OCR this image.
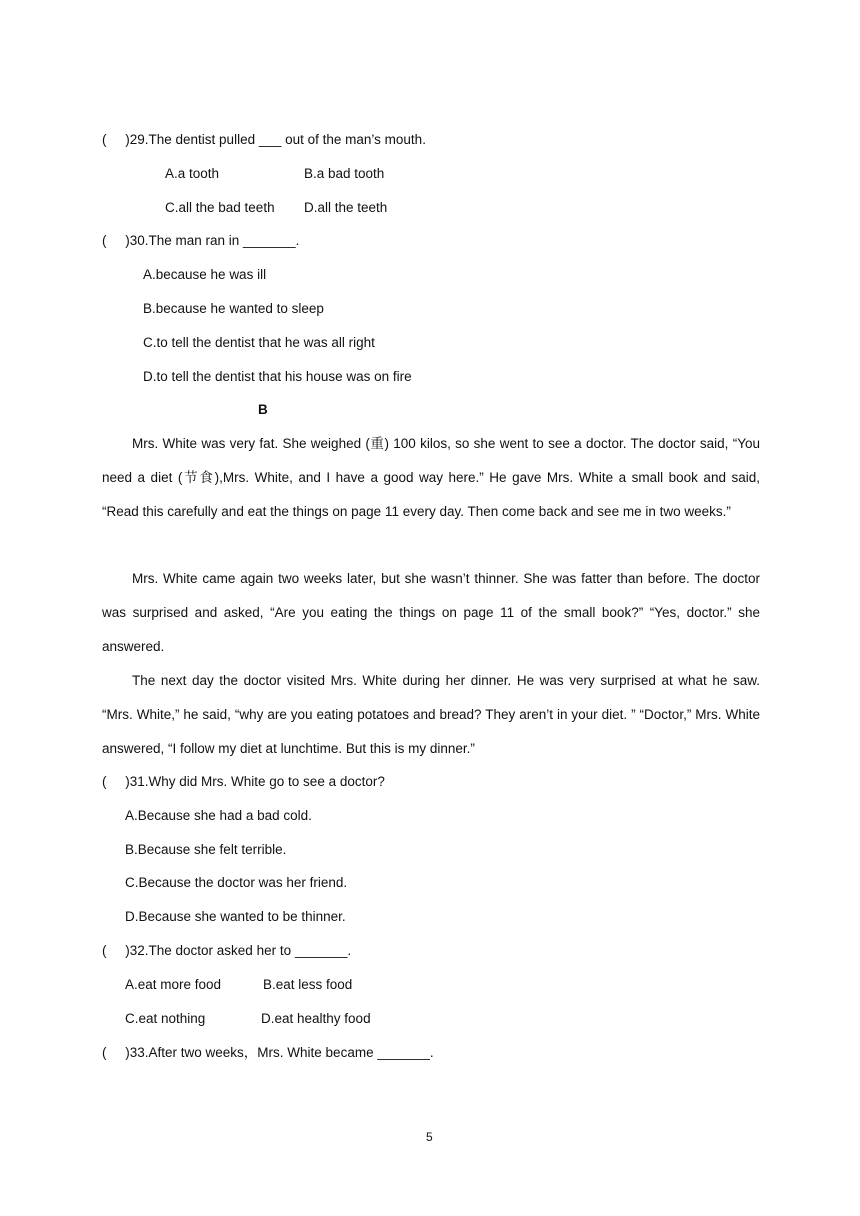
(     )29.The dentist pulled ___ out of the man’s mouth.
A.a tooth	B.a bad tooth
C.all the bad teeth D.all the teeth
(     )30.The man ran in _______.
A.because he was ill
B.because he wanted to sleep
C.to tell the dentist that he was all right
D.to tell the dentist that his house was on fire
B
Mrs. White was very fat. She weighed (重) 100 kilos, so she went to see a doctor. The doctor said, “You need a diet (节食),Mrs. White, and I have a good way here.” He gave Mrs. White a small book and said, “Read this carefully and eat the things on page 11 every day. Then come back and see me in two weeks.”
Mrs. White came again two weeks later, but she wasn’t thinner. She was fatter than before. The doctor was surprised and asked, “Are you eating the things on page 11 of the small book?” “Yes, doctor.” she answered.
The next day the doctor visited Mrs. White during her dinner. He was very surprised at what he saw. “Mrs. White,” he said, “why are you eating potatoes and bread? They aren’t in your diet. ” “Doctor,” Mrs. White answered, “I follow my diet at lunchtime. But this is my dinner.”
(     )31.Why did Mrs. White go to see a doctor?
A.Because she had a bad cold.
B.Because she felt terrible.
C.Because the doctor was her friend.
D.Because she wanted to be thinner.
(     )32.The doctor asked her to _______.
A.eat more food	B.eat less food
C.eat nothing	D.eat healthy food
(     )33.After two weeks，Mrs. White became _______.
5
